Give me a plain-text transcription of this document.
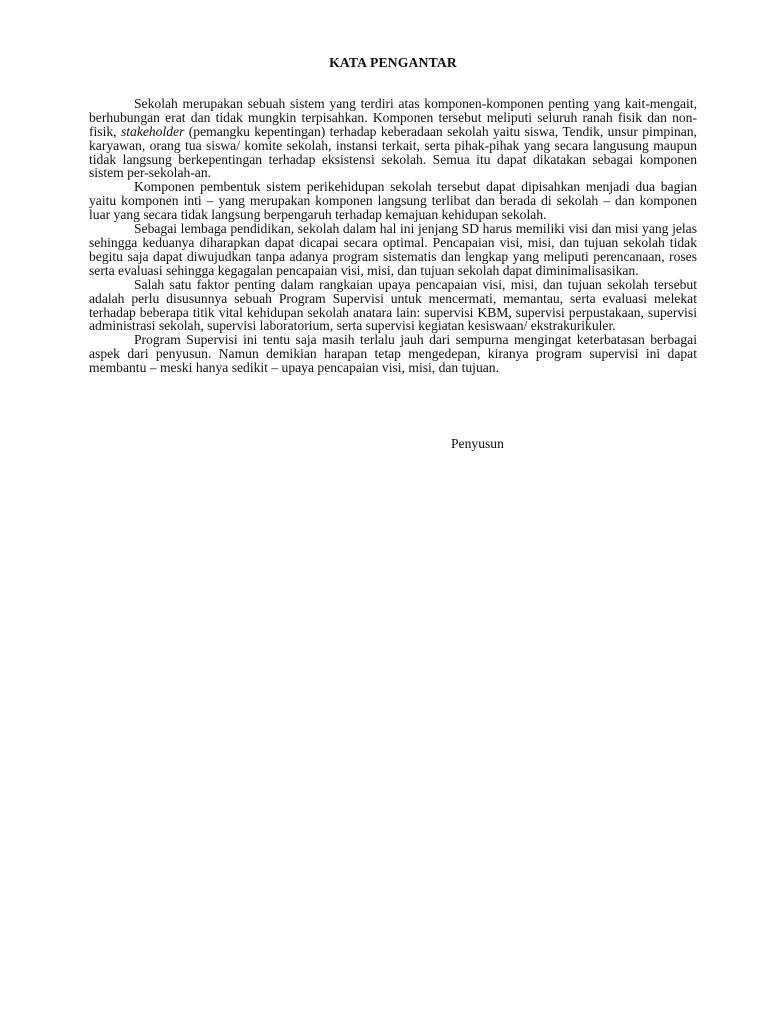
KATA PENGANTAR

Sekolah merupakan sebuah sistem yang terdiri atas komponen-komponen penting yang kait-mengait, berhubungan erat dan tidak mungkin terpisahkan. Komponen tersebut meliputi seluruh ranah fisik dan non-fisik, stakeholder (pemangku kepentingan) terhadap keberadaan sekolah yaitu siswa, Tendik, unsur pimpinan, karyawan, orang tua siswa/ komite sekolah, instansi terkait, serta pihak-pihak yang secara langusung maupun tidak langsung berkepentingan terhadap eksistensi sekolah. Semua itu dapat dikatakan sebagai komponen sistem per-sekolah-an.

Komponen pembentuk sistem perikehidupan sekolah tersebut dapat dipisahkan menjadi dua bagian yaitu komponen inti – yang merupakan komponen langsung terlibat dan berada di sekolah – dan komponen luar yang secara tidak langsung berpengaruh terhadap kemajuan kehidupan sekolah.

Sebagai lembaga pendidikan, sekolah dalam hal ini jenjang SD harus memiliki visi dan misi yang jelas sehingga keduanya diharapkan dapat dicapai secara optimal. Pencapaian visi, misi, dan tujuan sekolah tidak begitu saja dapat diwujudkan tanpa adanya program sistematis dan lengkap yang meliputi perencanaan, roses serta evaluasi sehingga kegagalan pencapaian visi, misi, dan tujuan sekolah dapat diminimalisasikan.

Salah satu faktor penting dalam rangkaian upaya pencapaian visi, misi, dan tujuan sekolah tersebut adalah perlu disusunnya sebuah Program Supervisi untuk mencermati, memantau, serta evaluasi melekat terhadap beberapa titik vital kehidupan sekolah anatara lain: supervisi KBM, supervisi perpustakaan, supervisi administrasi sekolah, supervisi laboratorium, serta supervisi kegiatan kesiswaan/ ekstrakurikuler.

Program Supervisi ini tentu saja masih terlalu jauh dari sempurna mengingat keterbatasan berbagai aspek dari penyusun. Namun demikian harapan tetap mengedepan, kiranya program supervisi ini dapat membantu – meski hanya sedikit – upaya pencapaian visi, misi, dan tujuan.

Penyusun
